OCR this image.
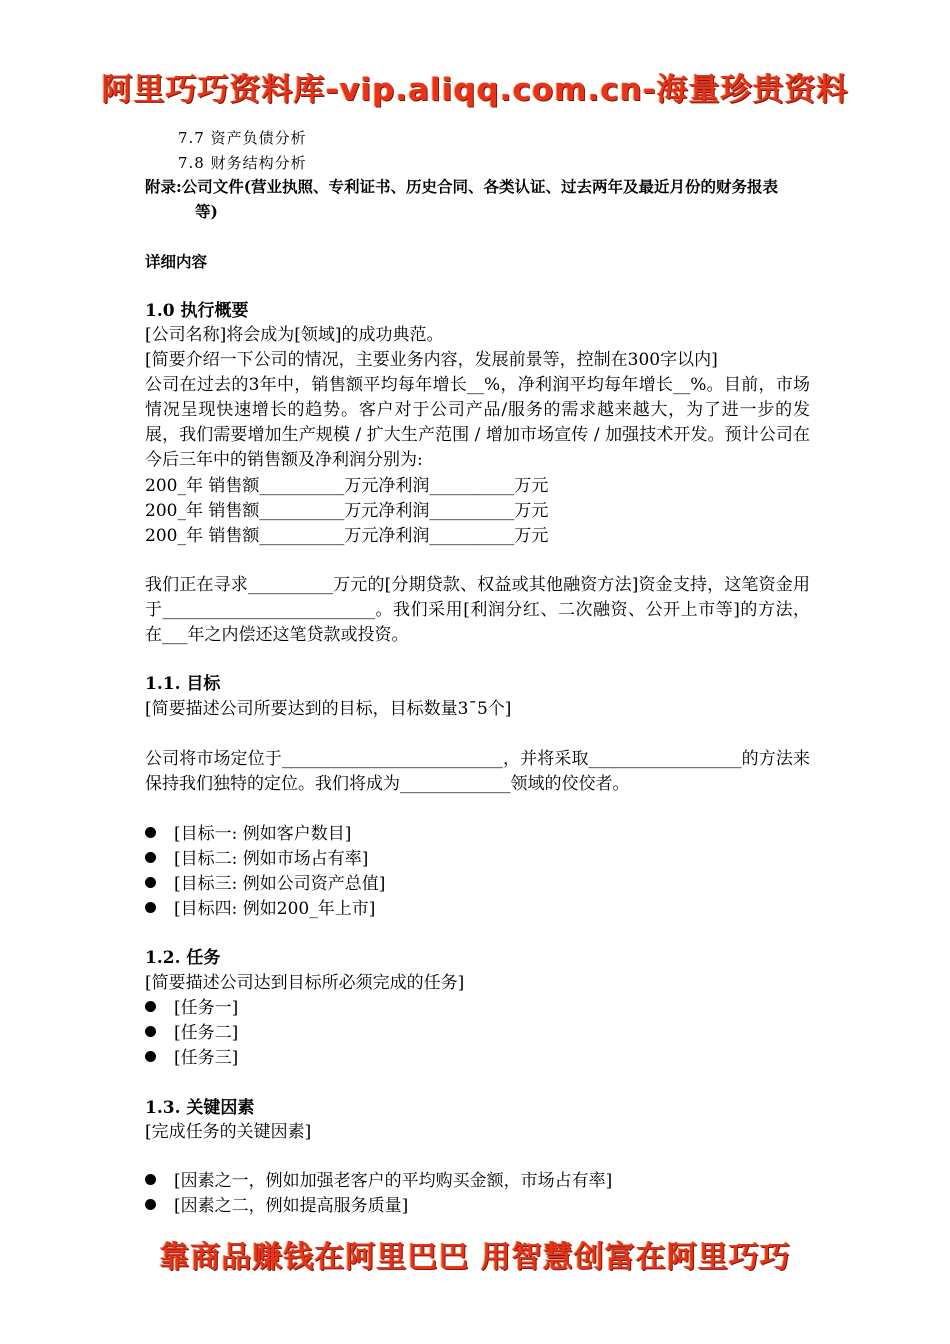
阿里巧巧资料库-vip.aliqq.com.cn-海量珍贵资料
7.7 资产负债分析
7.8 财务结构分析
附录:公司文件(营业执照、专利证书、历史合同、各类认证、过去两年及最近月份的财务报表
等)
详细内容
1.0 执行概要
[公司名称]将会成为[领域]的成功典范。
[简要介绍一下公司的情况，主要业务内容，发展前景等，控制在300字以内]
公司在过去的3年中，销售额平均每年增长__%，净利润平均每年增长__%。目前，市场情况呈现快速增长的趋势。客户对于公司产品/服务的需求越来越大，为了进一步的发展，我们需要增加生产规模 / 扩大生产范围 / 增加市场宣传 / 加强技术开发。预计公司在今后三年中的销售额及净利润分别为:
200_年 销售额__________万元净利润__________万元
200_年 销售额__________万元净利润__________万元
200_年 销售额__________万元净利润__________万元
我们正在寻求__________万元的[分期贷款、权益或其他融资方法]资金支持，这笔资金用于_________________________。我们采用[利润分红、二次融资、公开上市等]的方法，在___年之内偿还这笔贷款或投资。
1.1. 目标
[简要描述公司所要达到的目标，目标数量3¯5个]
公司将市场定位于__________________________，并将采取__________________的方法来保持我们独特的定位。我们将成为_____________领域的佼佼者。
[目标一: 例如客户数目]
[目标二: 例如市场占有率]
[目标三: 例如公司资产总值]
[目标四: 例如200_年上市]
1.2. 任务
[简要描述公司达到目标所必须完成的任务]
[任务一]
[任务二]
[任务三]
1.3. 关键因素
[完成任务的关键因素]
[因素之一，例如加强老客户的平均购买金额，市场占有率]
[因素之二，例如提高服务质量]
靠商品赚钱在阿里巴巴 用智慧创富在阿里巧巧
